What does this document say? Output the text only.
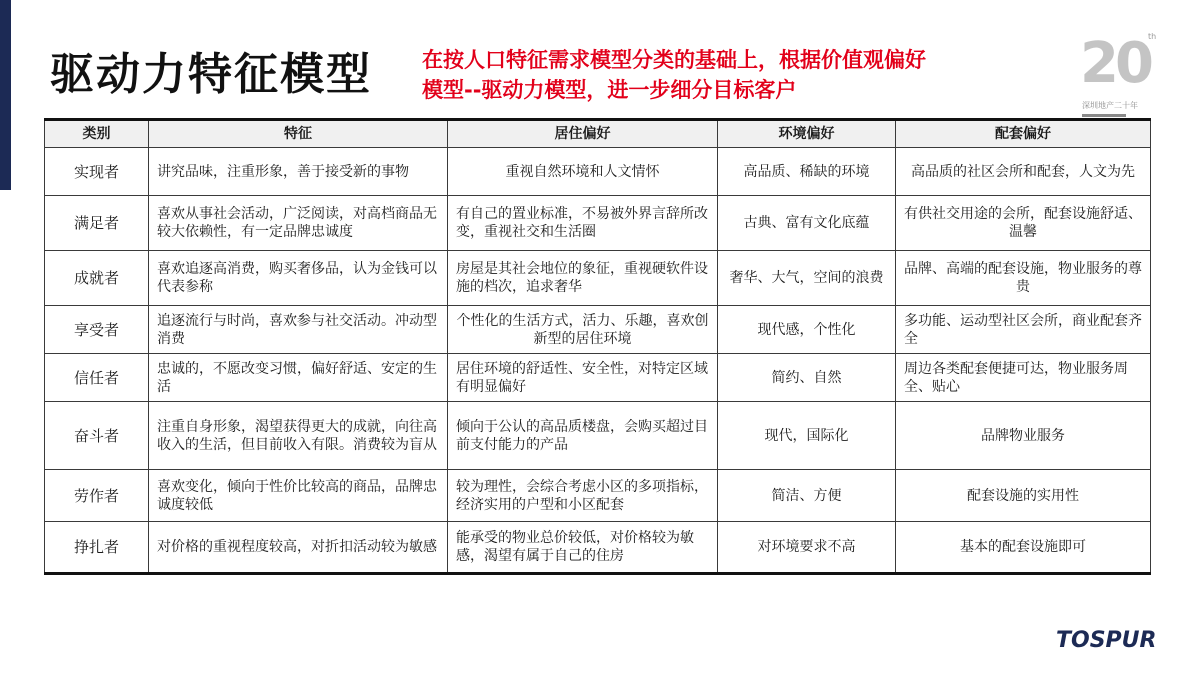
驱动力特征模型 在按人口特征需求模型分类的基础上，根据价值观偏好
模型--驱动力模型，进一步细分目标客户	20
th
深圳地产二十年
类别	特征	居住偏好	环境偏好	配套偏好
实现者	讲究品味，注重形象，善于接受新的事物	重视自然环境和人文情怀	高品质、稀缺的环境	高品质的社区会所和配套，人文为先
满足者	喜欢从事社会活动，广泛阅读，对高档商品无较大依赖性，有一定品牌忠诚度	有自己的置业标准，不易被外界言辞所改变，重视社交和生活圈	古典、富有文化底蕴	有供社交用途的会所，配套设施舒适、温馨
成就者	喜欢追逐高消费，购买奢侈品，认为金钱可以代表参称	房屋是其社会地位的象征，重视硬软件设施的档次，追求奢华	奢华、大气，空间的浪费	品牌、高端的配套设施，物业服务的尊贵
享受者	追逐流行与时尚，喜欢参与社交活动。冲动型消费	个性化的生活方式，活力、乐趣，喜欢创新型的居住环境	现代感，个性化	多功能、运动型社区会所，商业配套齐全
信任者	忠诚的，不愿改变习惯，偏好舒适、安定的生活	居住环境的舒适性、安全性，对特定区域有明显偏好	简约、自然	周边各类配套便捷可达，物业服务周全、贴心
奋斗者	注重自身形象，渴望获得更大的成就，向往高收入的生活，但目前收入有限。消费较为盲从	倾向于公认的高品质楼盘，会购买超过目前支付能力的产品	现代，国际化	品牌物业服务
劳作者	喜欢变化，倾向于性价比较高的商品，品牌忠诚度较低	较为理性，会综合考虑小区的多项指标，经济实用的户型和小区配套	简洁、方便	配套设施的实用性
挣扎者	对价格的重视程度较高，对折扣活动较为敏感	能承受的物业总价较低，对价格较为敏感，渴望有属于自己的住房	对环境要求不高	基本的配套设施即可
TOSPUR
